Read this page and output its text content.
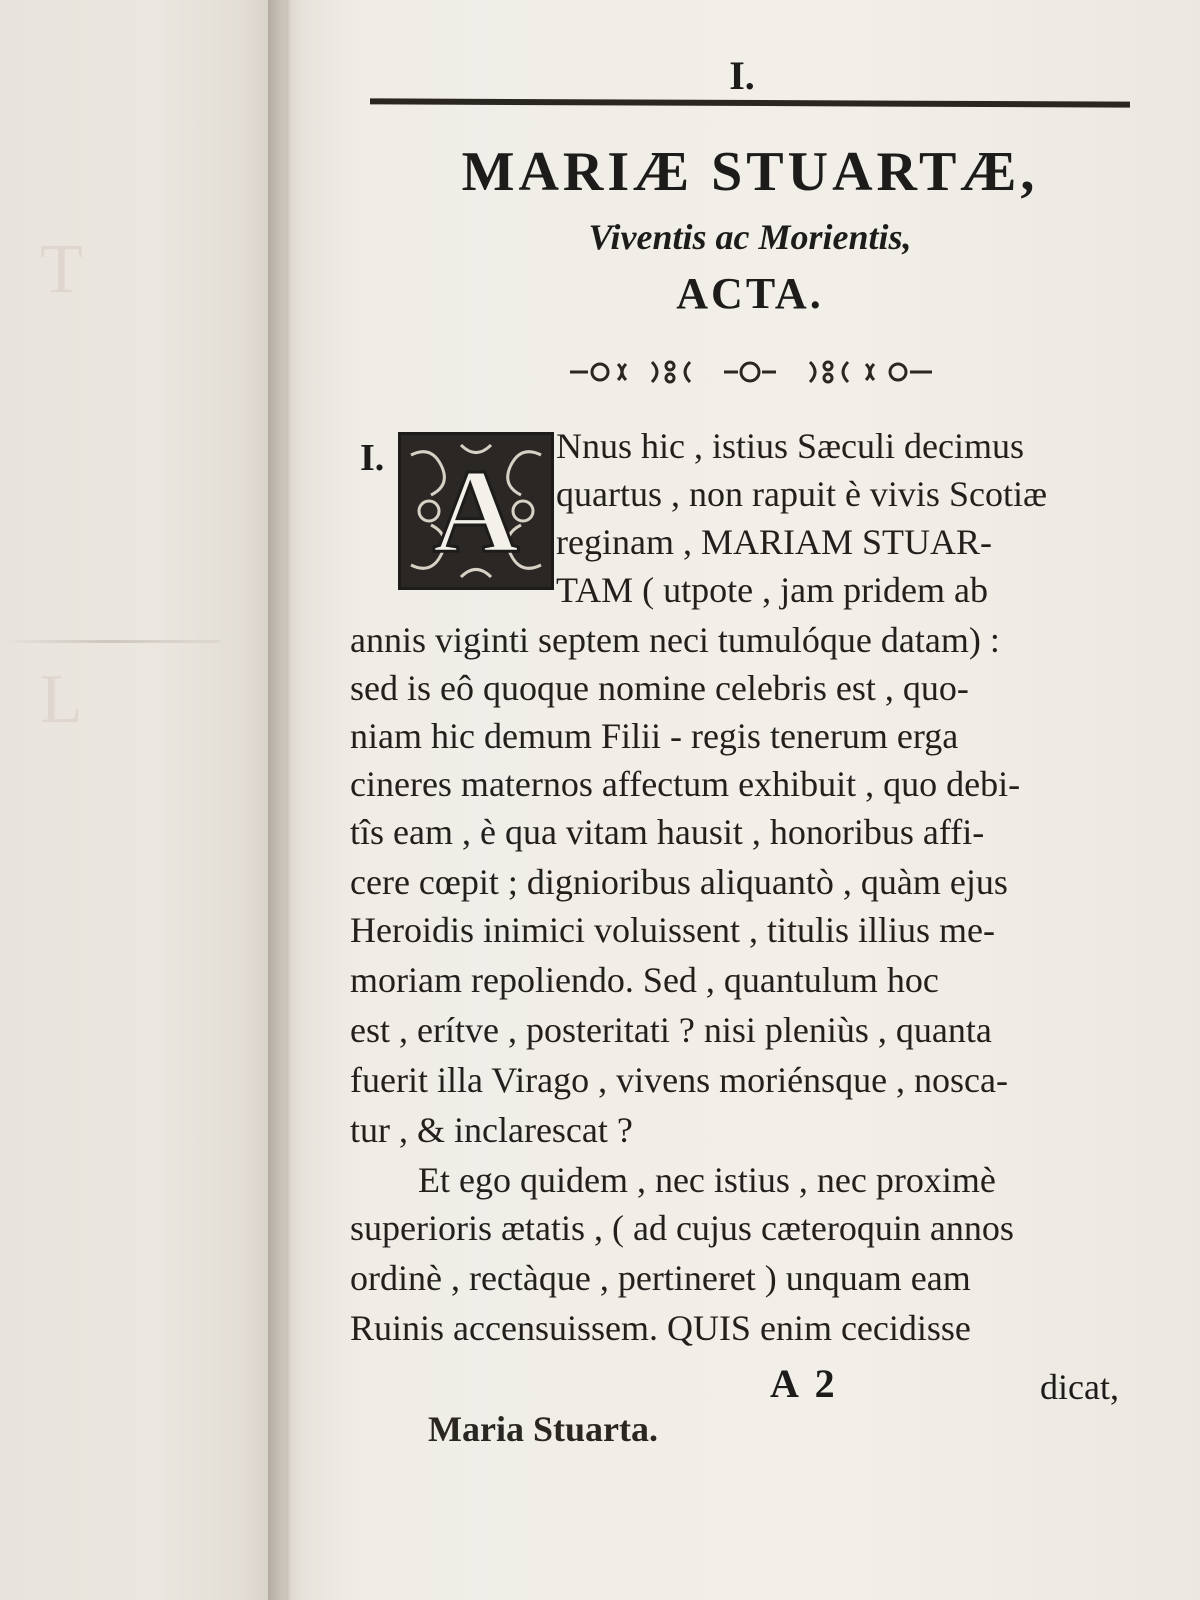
T
L
I.
MARIÆ STUARTÆ,
Viventis ac Morientis,
ACTA.
I. A	Nnus hic , istius Sæculi decimus
quartus , non rapuit è vivis Scotiæ
reginam , MARIAM STUAR-
TAM ( utpote , jam pridem ab
annis viginti septem neci tumulóque datam) :
sed is eô quoque nomine celebris est , quo-
niam hic demum Filii - regis tenerum erga
cineres maternos affectum exhibuit , quo debi-
tîs eam , è qua vitam hausit , honoribus affi-
cere cœpit ; dignioribus aliquantò , quàm ejus
Heroidis inimici voluissent , titulis illius me-
moriam repoliendo. Sed , quantulum hoc
est , erítve , posteritati ? nisi pleniùs , quanta
fuerit illa Virago , vivens moriénsque , nosca-
tur , & inclarescat ?
Et ego quidem , nec istius , nec proximè
superioris ætatis , ( ad cujus cæteroquin annos
ordinè , rectàque , pertineret ) unquam eam
Ruinis accensuissem. QUIS enim cecidisse
A 2	dicat,
Maria Stuarta.
